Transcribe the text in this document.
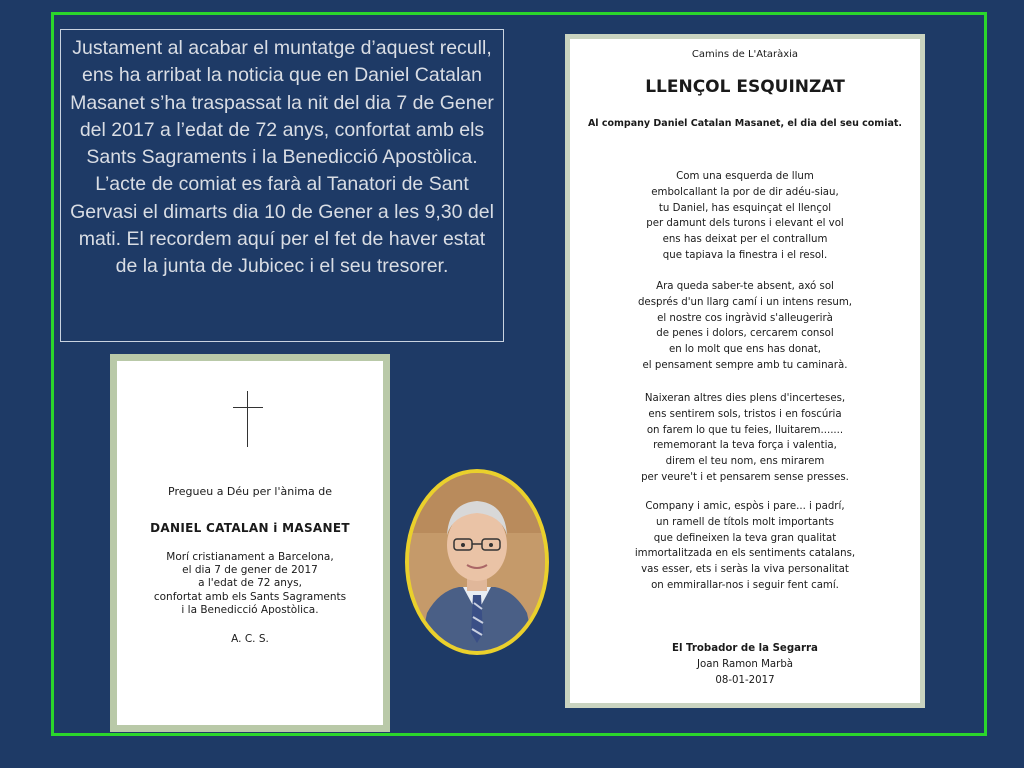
Justament al acabar el muntatge d’aquest recull, ens ha arribat la noticia que en Daniel Catalan Masanet s’ha traspassat la nit del dia 7 de Gener del 2017 a l’edat de 72 anys, confortat amb els Sants Sagraments i la Benedicció Apostòlica. L’acte de comiat es farà al Tanatori de Sant Gervasi el dimarts dia 10 de Gener a les 9,30 del mati. El recordem aquí per el fet de haver estat de la junta de Jubicec i el seu tresorer.
Pregueu a Déu per l'ànima de
DANIEL CATALAN i MASANET
Morí cristianament a Barcelona,
el dia 7 de gener de 2017
a l'edat de 72 anys,
confortat amb els Sants Sagraments
i la Benedicció Apostòlica.
A. C. S.
Camins de L'Ataràxia
LLENÇOL ESQUINZAT
Al company Daniel Catalan Masanet, el dia del seu comiat.
Com una esquerda de llum
embolcallant la por de dir adéu-siau,
tu Daniel, has esquinçat el llençol
per damunt dels turons i elevant el vol
ens has deixat per el contrallum
que tapiava la finestra i el resol.
Ara queda saber-te absent, axó sol
després d'un llarg camí i un intens resum,
el nostre cos ingràvid s'alleugerirà
de penes i dolors, cercarem consol
en lo molt que ens has donat,
el pensament sempre amb tu caminarà.
Naixeran altres dies plens d'incerteses,
ens sentirem sols, tristos i en foscúria
on farem lo que tu feies, lluitarem.......
rememorant la teva força i valentia,
direm el teu nom, ens mirarem
per veure't i et pensarem sense presses.
Company i amic, espòs i pare... i padrí,
un ramell de títols molt importants
que defineixen la teva gran qualitat
immortalitzada en els sentiments catalans,
vas esser, ets i seràs la viva personalitat
on emmirallar-nos i seguir fent camí.
El Trobador de la Segarra
Joan Ramon Marbà
08-01-2017
